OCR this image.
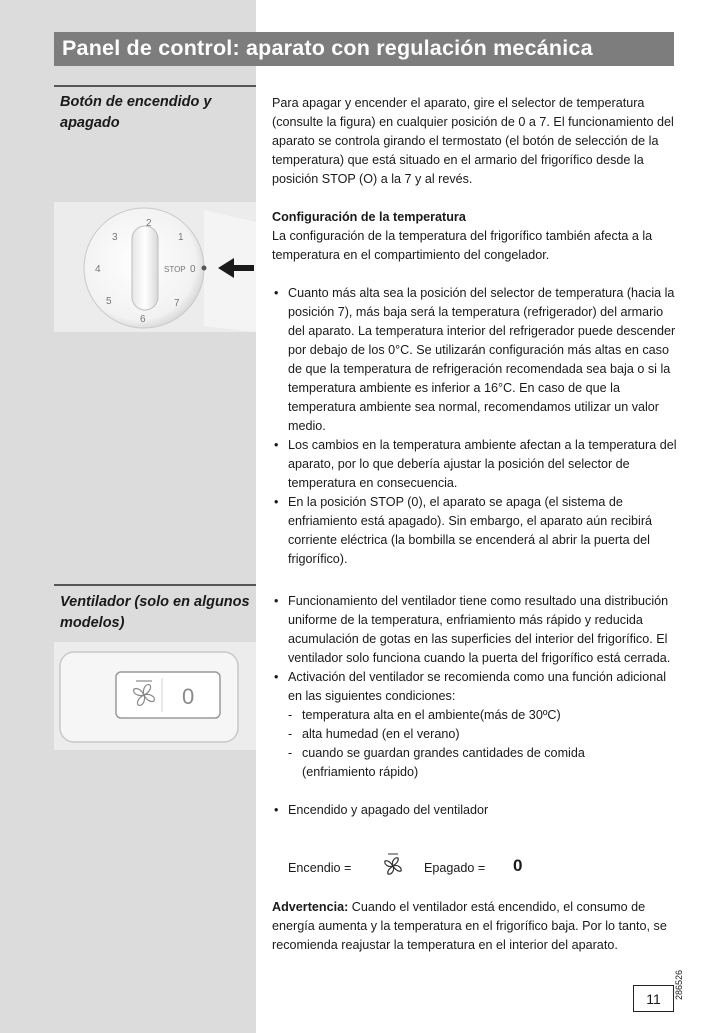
Panel de control: aparato con regulación mecánica
Botón de encendido y apagado
2
1
3
4
5
6
7
0
STOP

Para apagar y encender el aparato, gire el selector de temperatura (consulte la figura) en cualquier posición de 0 a 7. El funcionamiento del aparato se controla girando el termostato (el botón de selección de la temperatura) que está situado en el armario del frigorífico desde la posición STOP (O) a la 7 y al revés.

Configuración de la temperatura

La configuración de la temperatura del frigorífico también afecta a la temperatura en el compartimiento del congelador.

• Cuanto más alta sea la posición del selector de temperatura (hacia la posición 7), más baja será la temperatura (refrigerador) del armario del aparato. La temperatura interior del refrigerador puede descender por debajo de los 0°C. Se utilizarán configuración más altas en caso de que la temperatura de refrigeración recomendada sea baja o si la temperatura ambiente es inferior a 16°C. En caso de que la temperatura ambiente sea normal, recomendamos utilizar un valor medio.

• Los cambios en la temperatura ambiente afectan a la temperatura del aparato, por lo que debería ajustar la posición del selector de temperatura en consecuencia.

• En la posición STOP (0), el aparato se apaga (el sistema de enfriamiento está apagado). Sin embargo, el aparato aún recibirá corriente eléctrica (la bombilla se encenderá al abrir la puerta del frigorífico).

Ventilador (solo en algunos modelos)
0

• Funcionamiento del ventilador tiene como resultado una distribución uniforme de la temperatura, enfriamiento más rápido y reducida acumulación de gotas en las superficies del interior del frigorífico. El ventilador solo funciona cuando la puerta del frigorífico está cerrada.

• Activación del ventilador se recomienda como una función adicional en las siguientes condiciones:

- temperatura alta en el ambiente(más de 30ºC)

- alta humedad (en el verano)

- cuando se guardan grandes cantidades de comida

(enfriamiento rápido)

• Encendido y apagado del ventilador

Encendio =	Epagado = 0

Advertencia: Cuando el ventilador está encendido, el consumo de energía aumenta y la temperatura en el frigorífico baja. Por lo tanto, se recomienda reajustar la temperatura en el interior del aparato.

286526
11
